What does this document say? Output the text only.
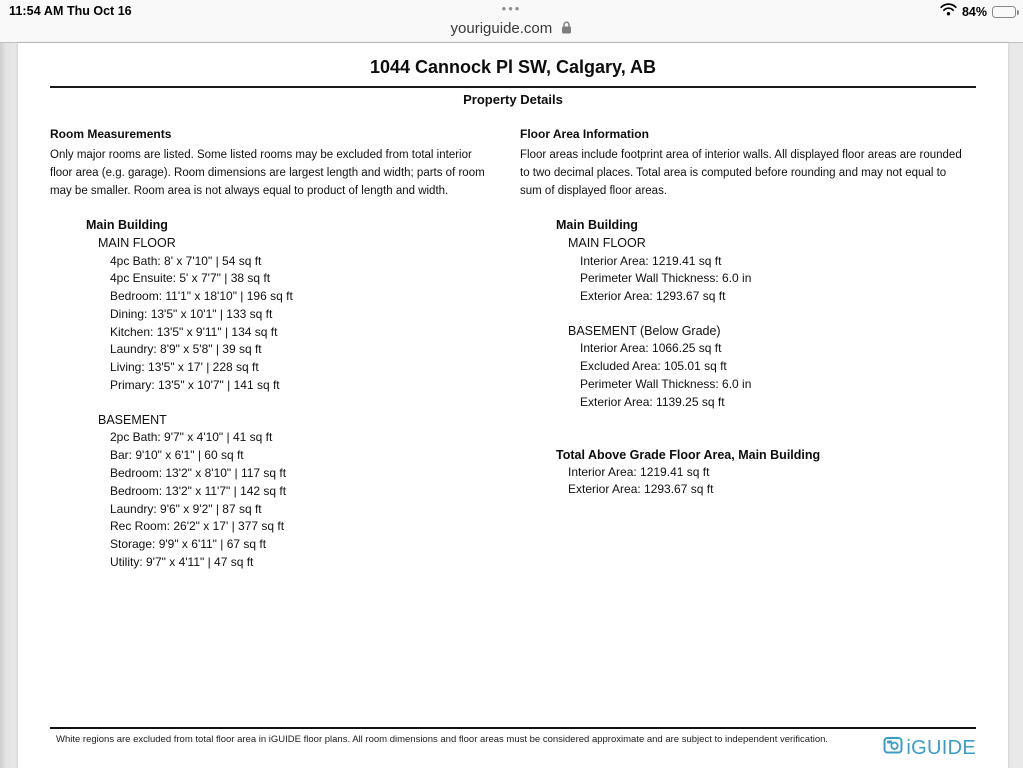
11:54 AM Thu Oct 16	•••	84%
youriguide.com
1044 Cannock Pl SW, Calgary, AB
Property Details
Room Measurements
Only major rooms are listed. Some listed rooms may be excluded from total interior floor area (e.g. garage). Room dimensions are largest length and width; parts of room may be smaller. Room area is not always equal to product of length and width.
Floor Area Information
Floor areas include footprint area of interior walls. All displayed floor areas are rounded to two decimal places. Total area is computed before rounding and may not equal to sum of displayed floor areas.
Main Building
MAIN FLOOR
4pc Bath: 8' x 7'10" | 54 sq ft
4pc Ensuite: 5' x 7'7" | 38 sq ft
Bedroom: 11'1" x 18'10" | 196 sq ft
Dining: 13'5" x 10'1" | 133 sq ft
Kitchen: 13'5" x 9'11" | 134 sq ft
Laundry: 8'9" x 5'8" | 39 sq ft
Living: 13'5" x 17' | 228 sq ft
Primary: 13'5" x 10'7" | 141 sq ft
BASEMENT
2pc Bath: 9'7" x 4'10" | 41 sq ft
Bar: 9'10" x 6'1" | 60 sq ft
Bedroom: 13'2" x 8'10" | 117 sq ft
Bedroom: 13'2" x 11'7" | 142 sq ft
Laundry: 9'6" x 9'2" | 87 sq ft
Rec Room: 26'2" x 17' | 377 sq ft
Storage: 9'9" x 6'11" | 67 sq ft
Utility: 9'7" x 4'11" | 47 sq ft
Main Building
MAIN FLOOR
Interior Area: 1219.41 sq ft
Perimeter Wall Thickness: 6.0 in
Exterior Area: 1293.67 sq ft
BASEMENT (Below Grade)
Interior Area: 1066.25 sq ft
Excluded Area: 105.01 sq ft
Perimeter Wall Thickness: 6.0 in
Exterior Area: 1139.25 sq ft
Total Above Grade Floor Area, Main Building
Interior Area: 1219.41 sq ft
Exterior Area: 1293.67 sq ft
White regions are excluded from total floor area in iGUIDE floor plans. All room dimensions and floor areas must be considered approximate and are subject to independent verification.	iGUIDE
